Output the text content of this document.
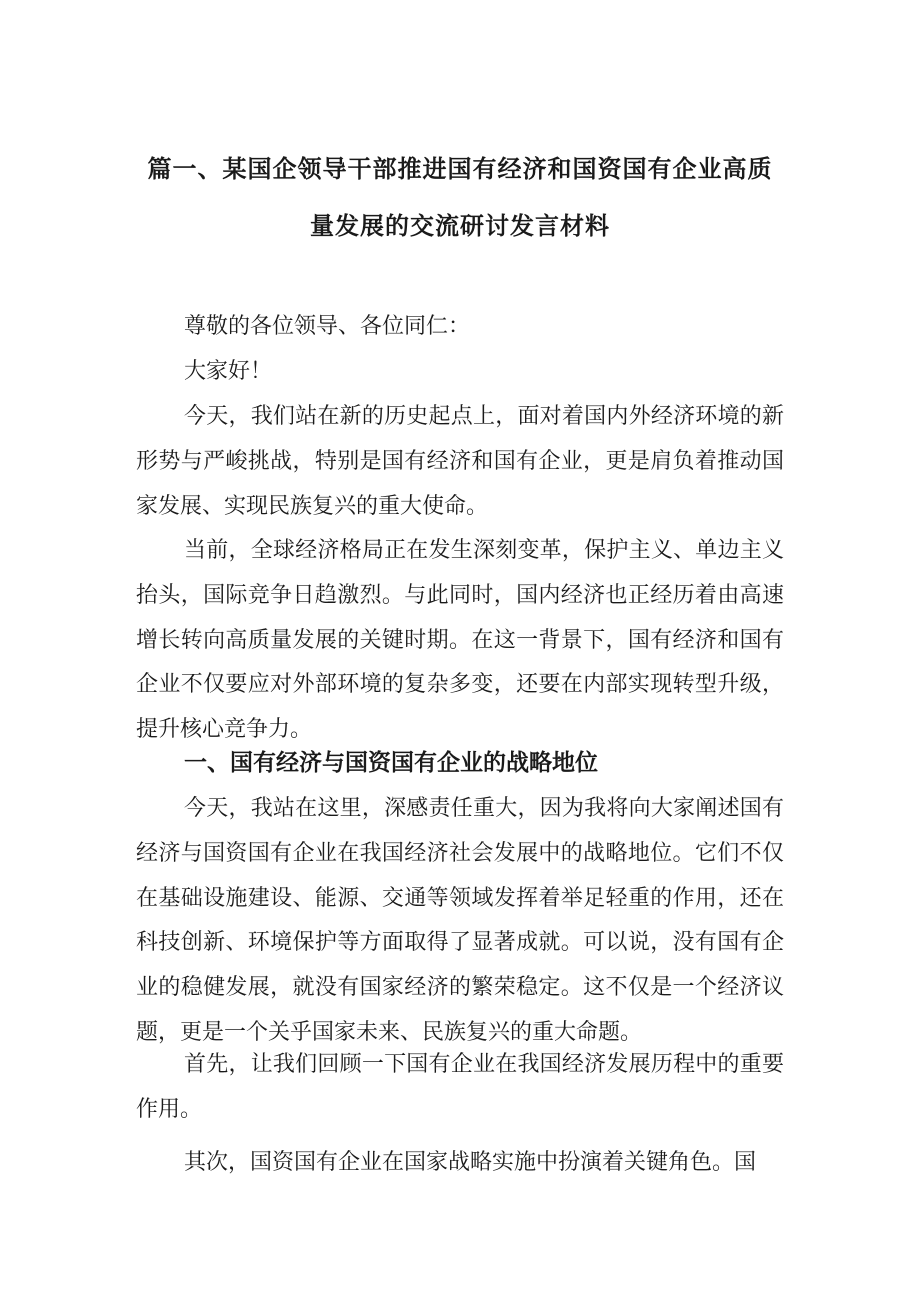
篇一、某国企领导干部推进国有经济和国资国有企业高质
量发展的交流研讨发言材料

尊敬的各位领导、各位同仁：

大家好！

今天，我们站在新的历史起点上，面对着国内外经济环境的新形势与严峻挑战，特别是国有经济和国有企业，更是肩负着推动国家发展、实现民族复兴的重大使命。

当前，全球经济格局正在发生深刻变革，保护主义、单边主义抬头，国际竞争日趋激烈。与此同时，国内经济也正经历着由高速增长转向高质量发展的关键时期。在这一背景下，国有经济和国有企业不仅要应对外部环境的复杂多变，还要在内部实现转型升级，提升核心竞争力。

一、国有经济与国资国有企业的战略地位

今天，我站在这里，深感责任重大，因为我将向大家阐述国有经济与国资国有企业在我国经济社会发展中的战略地位。它们不仅在基础设施建设、能源、交通等领域发挥着举足轻重的作用，还在科技创新、环境保护等方面取得了显著成就。可以说，没有国有企业的稳健发展，就没有国家经济的繁荣稳定。这不仅是一个经济议题，更是一个关乎国家未来、民族复兴的重大命题。

首先，让我们回顾一下国有企业在我国经济发展历程中的重要作用。

其次，国资国有企业在国家战略实施中扮演着关键角色。国
